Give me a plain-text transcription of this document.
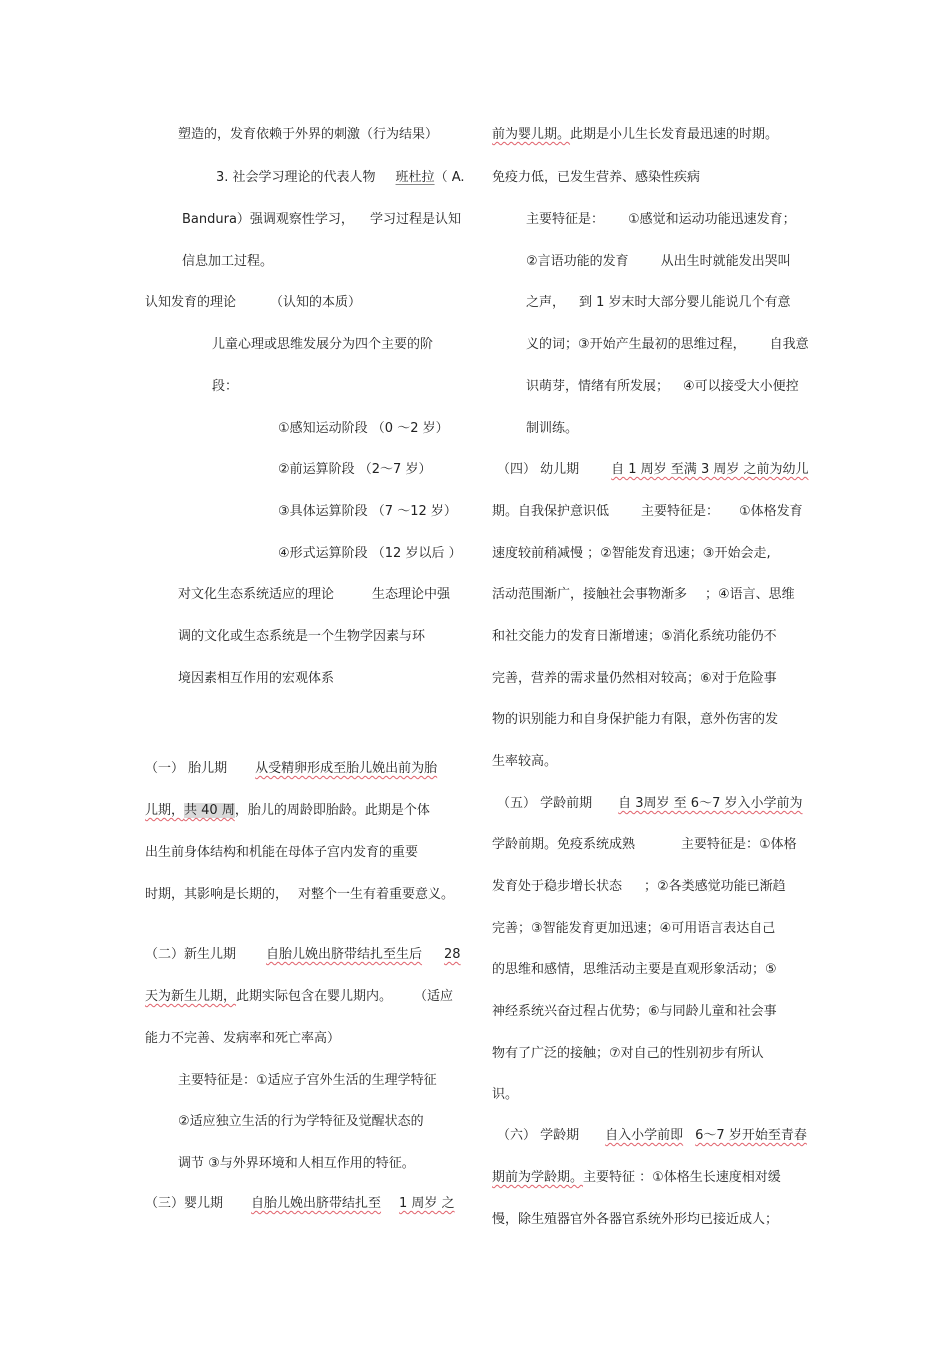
塑造的，发育依赖于外界的刺激（行为结果）
3. 社会学习理论的代表人物 班杜拉（ A.
Bandura）强调观察性学习， 学习过程是认知
信息加工过程。
认知发育的理论	（认知的本质）
儿童心理或思维发展分为四个主要的阶
段：
①感知运动阶段 （0 ～2 岁）
②前运算阶段 （2～7 岁）
③具体运算阶段 （7 ～12 岁）
④形式运算阶段 （12 岁以后 ）
对文化生态系统适应的理论	生态理论中强
调的文化或生态系统是一个生物学因素与环
境因素相互作用的宏观体系
（一） 胎儿期 从受精卵形成至胎儿娩出前为胎
儿期，共 40 周，胎儿的周龄即胎龄。此期是个体
出生前身体结构和机能在母体子宫内发育的重要
时期，其影响是长期的， 对整个一生有着重要意义。
（二）新生儿期 自胎儿娩出脐带结扎至生后 28
天为新生儿期，此期实际包含在婴儿期内。 （适应
能力不完善、发病率和死亡率高）
主要特征是：①适应子宫外生活的生理学特征
②适应独立生活的行为学特征及觉醒状态的
调节 ③与外界环境和人相互作用的特征。
（三）婴儿期 自胎儿娩出脐带结扎至 1 周岁 之
前为婴儿期。此期是小儿生长发育最迅速的时期。
免疫力低，已发生营养、感染性疾病
主要特征是： ①感觉和运动功能迅速发育；
②言语功能的发育 从出生时就能发出哭叫
之声， 到 1 岁末时大部分婴儿能说几个有意
义的词；③开始产生最初的思维过程， 自我意
识萌芽，情绪有所发展； ④可以接受大小便控
制训练。
（四） 幼儿期 自 1 周岁 至满 3 周岁 之前为幼儿
期。自我保护意识低 主要特征是： ①体格发育
速度较前稍减慢 ；②智能发育迅速；③开始会走,
活动范围渐广，接触社会事物渐多 ；④语言、思维
和社交能力的发育日渐增速；⑤消化系统功能仍不
完善，营养的需求量仍然相对较高；⑥对于危险事
物的识别能力和自身保护能力有限，意外伤害的发
生率较高。
（五） 学龄前期 自 3周岁 至 6～7 岁入小学前为
学龄前期。免疫系统成熟	主要特征是：①体格
发育处于稳步增长状态 ；②各类感觉功能已渐趋
完善；③智能发育更加迅速；④可用语言表达自己
的思维和感情，思维活动主要是直观形象活动；⑤
神经系统兴奋过程占优势；⑥与同龄儿童和社会事
物有了广泛的接触；⑦对自己的性别初步有所认
识。
（六） 学龄期 自入小学前即 6～7 岁开始至青春
期前为学龄期。主要特征 ：①体格生长速度相对缓
慢，除生殖器官外各器官系统外形均已接近成人；
